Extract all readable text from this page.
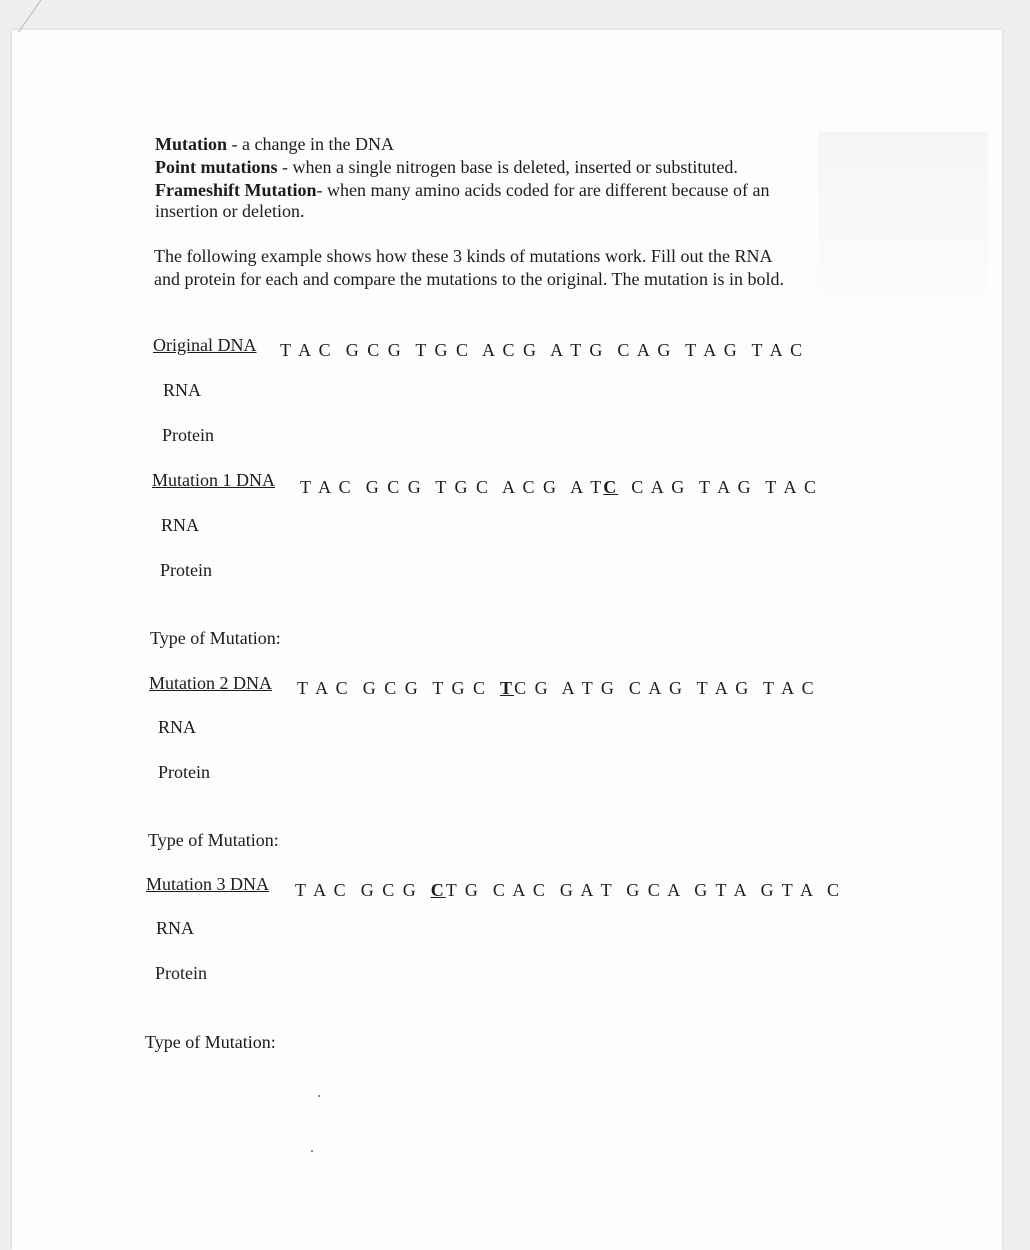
Mutation - a change in the DNA
Point mutations - when a single nitrogen base is deleted, inserted or substituted.
Frameshift Mutation- when many amino acids coded for are different because of an
insertion or deletion.
The following example shows how these 3 kinds of mutations work. Fill out the RNA
and protein for each and compare the mutations to the original. The mutation is in bold.
Original DNA T A C  G C G  T G C  A C G  A T G  C A G  T A G  T A C
RNA
Protein
Mutation 1 DNA T A C  G C G  T G C  A C G  A TC  C A G  T A G  T A C
RNA
Protein
Type of Mutation:
Mutation 2 DNA T A C  G C G  T G C  TC G  A T G  C A G  T A G  T A C
RNA
Protein
Type of Mutation:
Mutation 3 DNA T A C  G C G  CT G  C A C  G A T  G C A  G T A  G T A  C
RNA
Protein
Type of Mutation:
